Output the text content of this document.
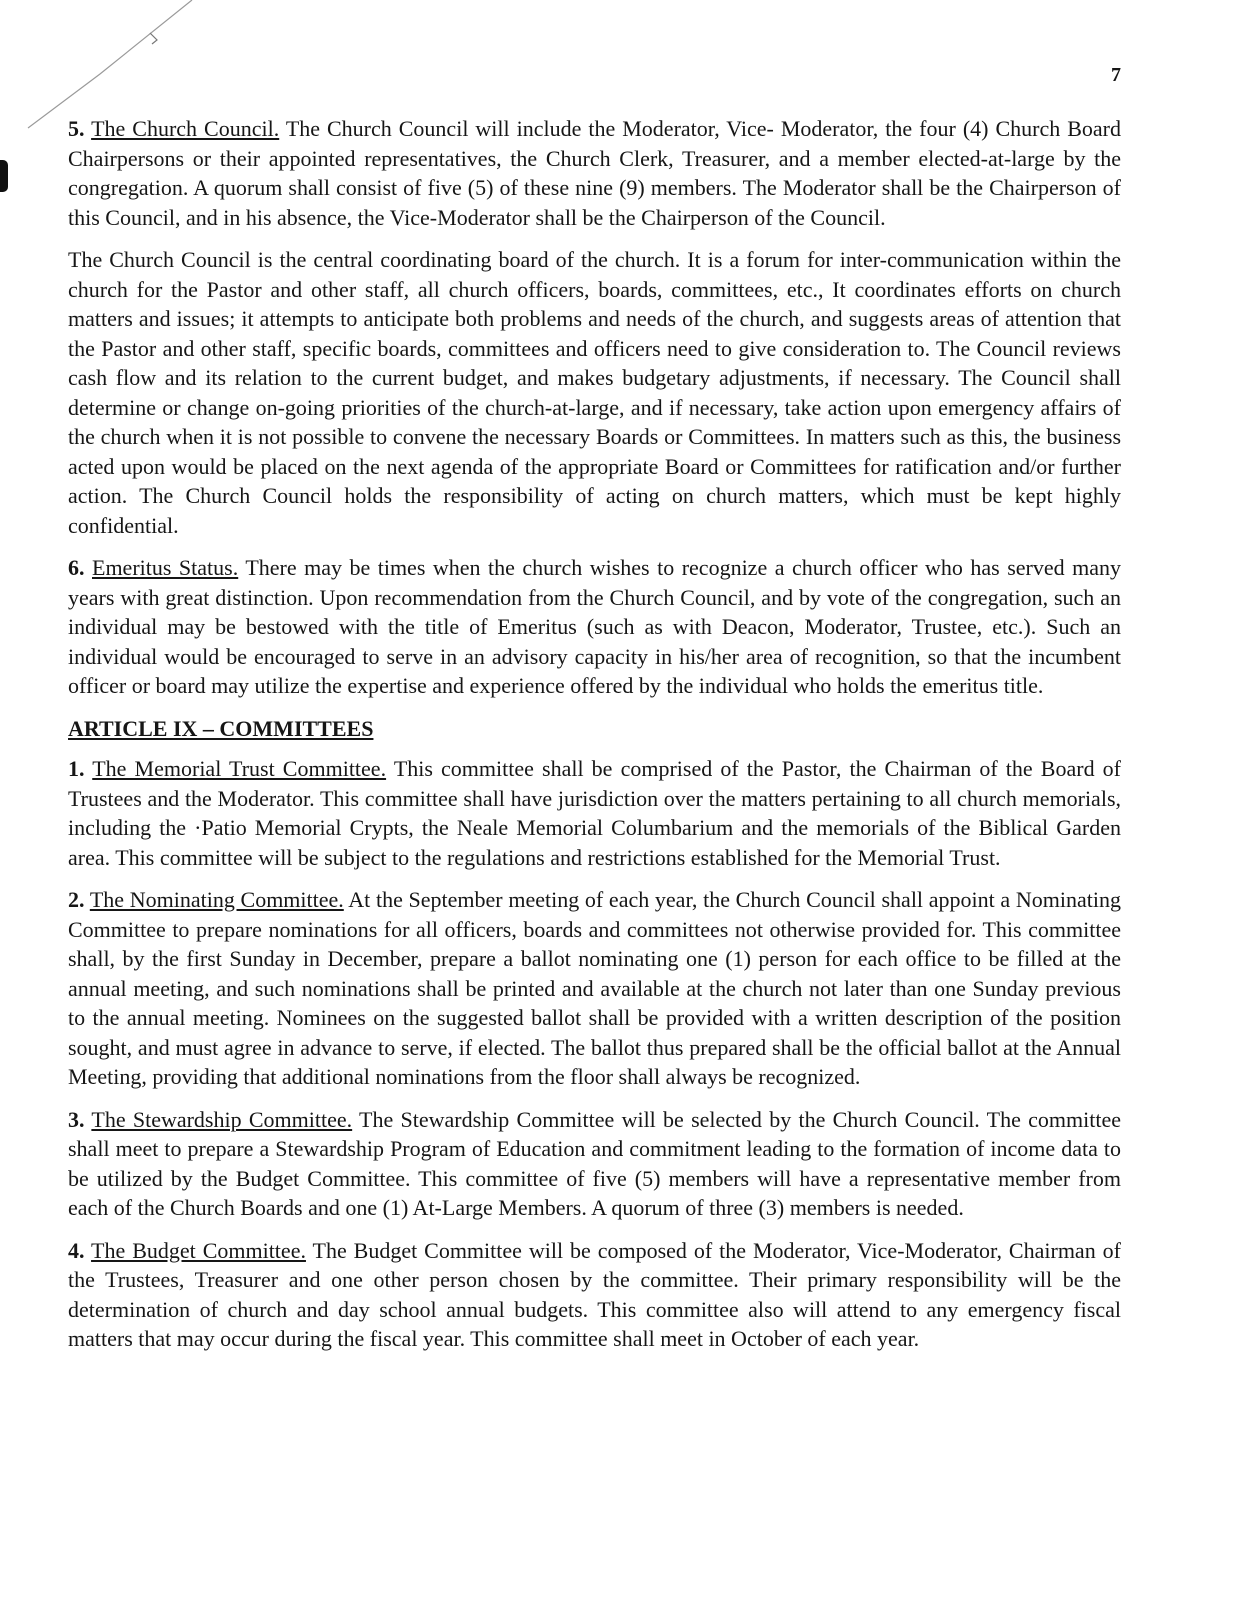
7

5. The Church Council. The Church Council will include the Moderator, Vice- Moderator, the four (4) Church Board Chairpersons or their appointed representatives, the Church Clerk, Treasurer, and a member elected-at-large by the congregation. A quorum shall consist of five (5) of these nine (9) members. The Moderator shall be the Chairperson of this Council, and in his absence, the Vice-Moderator shall be the Chairperson of the Council.

The Church Council is the central coordinating board of the church. It is a forum for inter-communication within the church for the Pastor and other staff, all church officers, boards, committees, etc., It coordinates efforts on church matters and issues; it attempts to anticipate both problems and needs of the church, and suggests areas of attention that the Pastor and other staff, specific boards, committees and officers need to give consideration to. The Council reviews cash flow and its relation to the current budget, and makes budgetary adjustments, if necessary. The Council shall determine or change on-going priorities of the church-at-large, and if necessary, take action upon emergency affairs of the church when it is not possible to convene the necessary Boards or Committees. In matters such as this, the business acted upon would be placed on the next agenda of the appropriate Board or Committees for ratification and/or further action. The Church Council holds the responsibility of acting on church matters, which must be kept highly confidential.

6. Emeritus Status. There may be times when the church wishes to recognize a church officer who has served many years with great distinction. Upon recommendation from the Church Council, and by vote of the congregation, such an individual may be bestowed with the title of Emeritus (such as with Deacon, Moderator, Trustee, etc.). Such an individual would be encouraged to serve in an advisory capacity in his/her area of recognition, so that the incumbent officer or board may utilize the expertise and experience offered by the individual who holds the emeritus title.

ARTICLE IX – COMMITTEES

1. The Memorial Trust Committee. This committee shall be comprised of the Pastor, the Chairman of the Board of Trustees and the Moderator. This committee shall have jurisdiction over the matters pertaining to all church memorials, including the ·Patio Memorial Crypts, the Neale Memorial Columbarium and the memorials of the Biblical Garden area. This committee will be subject to the regulations and restrictions established for the Memorial Trust.

2. The Nominating Committee. At the September meeting of each year, the Church Council shall appoint a Nominating Committee to prepare nominations for all officers, boards and committees not otherwise provided for. This committee shall, by the first Sunday in December, prepare a ballot nominating one (1) person for each office to be filled at the annual meeting, and such nominations shall be printed and available at the church not later than one Sunday previous to the annual meeting. Nominees on the suggested ballot shall be provided with a written description of the position sought, and must agree in advance to serve, if elected. The ballot thus prepared shall be the official ballot at the Annual Meeting, providing that additional nominations from the floor shall always be recognized.

3. The Stewardship Committee. The Stewardship Committee will be selected by the Church Council. The committee shall meet to prepare a Stewardship Program of Education and commitment leading to the formation of income data to be utilized by the Budget Committee. This committee of five (5) members will have a representative member from each of the Church Boards and one (1) At-Large Members. A quorum of three (3) members is needed.

4. The Budget Committee. The Budget Committee will be composed of the Moderator, Vice-Moderator, Chairman of the Trustees, Treasurer and one other person chosen by the committee. Their primary responsibility will be the determination of church and day school annual budgets. This committee also will attend to any emergency fiscal matters that may occur during the fiscal year. This committee shall meet in October of each year.
